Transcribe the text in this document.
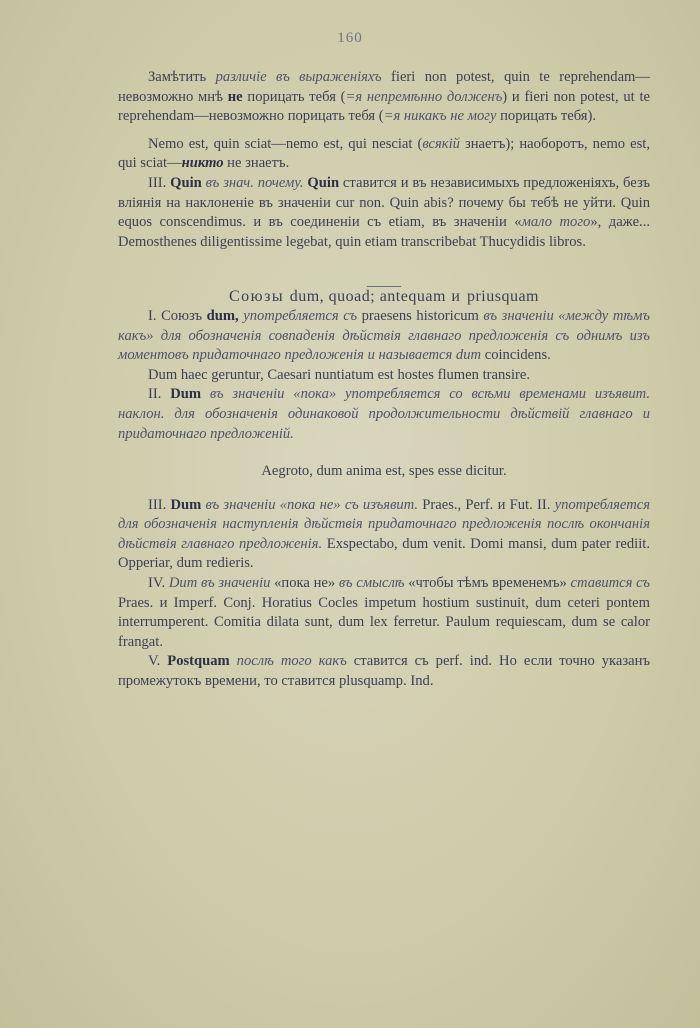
160

Замѣтить различіе въ выраженіяхъ fieri non potest, quin te reprehendam—невозможно мнѣ не порицать тебя (=я непремѣнно долженъ) и fieri non potest, ut te reprehendam—невозможно порицать тебя (=я никакъ не могу порицать тебя).

Nemo est, quin sciat—nemo est, qui nesciat (всякій знаетъ); наоборотъ, nemo est, qui sciat—никто не знаетъ.

III. Quin въ знач. почему. Quin ставится и въ независимыхъ предложеніяхъ, безъ вліянія на наклоненіе въ значеніи cur non. Quin abis? почему бы тебѣ не уйти. Quin equos conscendimus. и въ соединеніи съ etiam, въ значеніи «мало того», даже... Demosthenes diligentissime legebat, quin etiam transcribebat Thucydidis libros.

Союзы dum, quoad; antequam и priusquam

I. Союзъ dum, употребляется съ praesens historicum въ значеніи «между тѣмъ какъ» для обозначенія совпаденія дѣйствія главнаго предложенія съ однимъ изъ моментовъ придаточнаго предложенія и называется dum coincidens.

Dum haec geruntur, Caesari nuntiatum est hostes flumen transire.

II. Dum въ значеніи «пока» употребляется со всѣми временами изъявит. наклон. для обозначенія одинаковой продолжительности дѣйствій главнаго и придаточнаго предложеній.

Aegroto, dum anima est, spes esse dicitur.

III. Dum въ значеніи «пока не» съ изъявит. Praes., Perf. и Fut. II. употребляется для обозначенія наступленія дѣйствія придаточнаго предложенія послѣ окончанія дѣйствія главнаго предложенія. Exspectabo, dum venit. Domi mansi, dum pater rediit. Opperiar, dum redieris.

IV. Dum въ значеніи «пока не» въ смыслѣ «чтобы тѣмъ временемъ» ставится съ Praes. и Imperf. Conj. Horatius Cocles impetum hostium sustinuit, dum ceteri pontem interrumperent. Comitia dilata sunt, dum lex ferretur. Paulum requiescam, dum se calor frangat.

V. Postquam послѣ того какъ ставится съ perf. ind. Но если точно указанъ промежутокъ времени, то ставится plusquamp. Ind.
